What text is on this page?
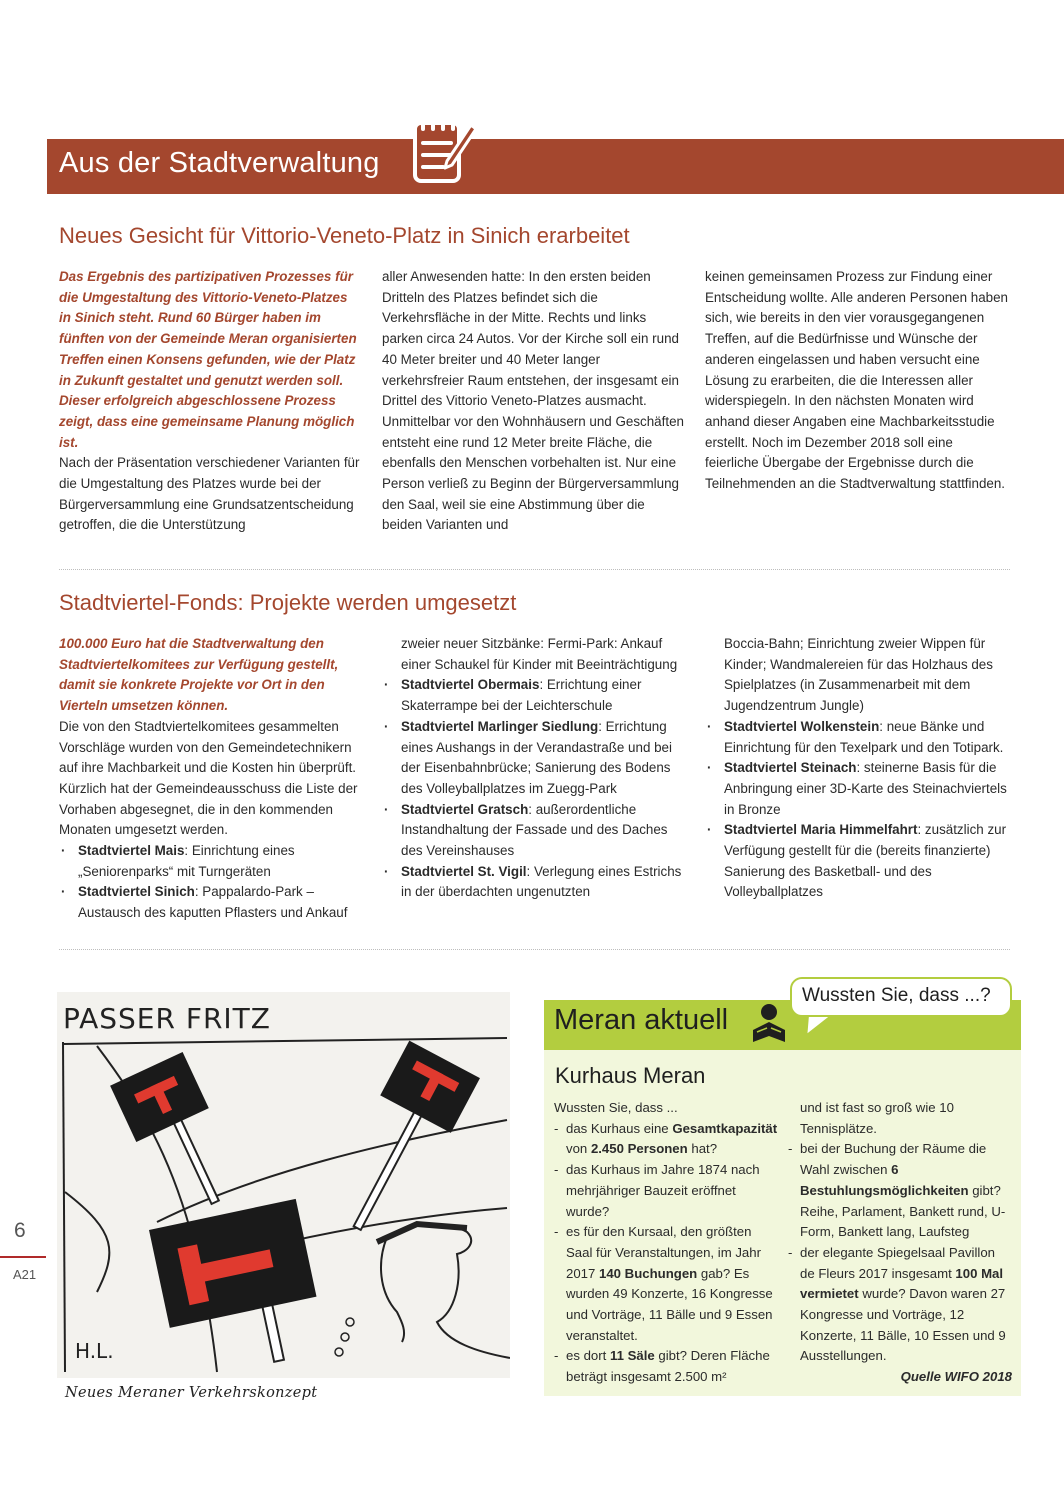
Aus der Stadtverwaltung
Neues Gesicht für Vittorio-Veneto-Platz in Sinich erarbeitet

Das Ergebnis des partizipativen Prozesses für die Umgestaltung des Vittorio-Veneto-Platzes in Sinich steht. Rund 60 Bürger haben im fünften von der Gemeinde Meran organisierten Treffen einen Konsens gefunden, wie der Platz in Zukunft gestaltet und genutzt werden soll. Dieser erfolgreich abgeschlossene Prozess zeigt, dass eine gemeinsame Planung möglich ist.

Nach der Präsentation verschiedener Varianten für die Umgestaltung des Platzes wurde bei der Bürgerversammlung eine Grundsatzentscheidung getroffen, die die Unterstützung

aller Anwesenden hatte: In den ersten beiden Dritteln des Platzes befindet sich die Verkehrsfläche in der Mitte. Rechts und links parken circa 24 Autos. Vor der Kirche soll ein rund 40 Meter breiter und 40 Meter langer verkehrsfreier Raum entstehen, der insgesamt ein Drittel des Vittorio Veneto-Platzes ausmacht. Unmittelbar vor den Wohnhäusern und Geschäften entsteht eine rund 12 Meter breite Fläche, die ebenfalls den Menschen vorbehalten ist. Nur eine Person verließ zu Beginn der Bürgerversammlung den Saal, weil sie eine Abstimmung über die beiden Varianten und

keinen gemeinsamen Prozess zur Findung einer Entscheidung wollte. Alle anderen Personen haben sich, wie bereits in den vier vorausgegangenen Treffen, auf die Bedürfnisse und Wünsche der anderen eingelassen und haben versucht eine Lösung zu erarbeiten, die die Interessen aller widerspiegeln. In den nächsten Monaten wird anhand dieser Angaben eine Machbarkeitsstudie erstellt. Noch im Dezember 2018 soll eine feierliche Übergabe der Ergebnisse durch die Teilnehmenden an die Stadtverwaltung stattfinden.

Stadtviertel-Fonds: Projekte werden umgesetzt

100.000 Euro hat die Stadtverwaltung den Stadtviertelkomitees zur Verfügung gestellt, damit sie konkrete Projekte vor Ort in den Vierteln umsetzen können.

Die von den Stadtviertelkomitees gesammelten Vorschläge wurden von den Gemeindetechnikern auf ihre Machbarkeit und die Kosten hin überprüft. Kürzlich hat der Gemeindeausschuss die Liste der Vorhaben abgesegnet, die in den kommenden Monaten umgesetzt werden.

· Stadtviertel Mais: Einrichtung eines „Seniorenparks“ mit Turngeräten
· Stadtviertel Sinich: Pappalardo-Park – Austausch des kaputten Pflasters und Ankauf

zweier neuer Sitzbänke: Fermi-Park: Ankauf einer Schaukel für Kinder mit Beeinträchtigung

· Stadtviertel Obermais: Errichtung einer Skaterrampe bei der Leichterschule
· Stadtviertel Marlinger Siedlung: Errichtung eines Aushangs in der Verandastraße und bei der Eisenbahnbrücke; Sanierung des Bodens des Volleyballplatzes im Zuegg-Park
· Stadtviertel Gratsch: außerordentliche Instandhaltung der Fassade und des Daches des Vereinshauses
· Stadtviertel St. Vigil: Verlegung eines Estrichs in der überdachten ungenutzten

Boccia-Bahn; Einrichtung zweier Wippen für Kinder; Wandmalereien für das Holzhaus des Spielplatzes (in Zusammenarbeit mit dem Jugendzentrum Jungle)

· Stadtviertel Wolkenstein: neue Bänke und Einrichtung für den Texelpark und den Totipark.
· Stadtviertel Steinach: steinerne Basis für die Anbringung einer 3D-Karte des Steinachviertels in Bronze
· Stadtviertel Maria Himmelfahrt: zusätzlich zur Verfügung gestellt für die (bereits finanzierte) Sanierung des Basketball- und des Volleyballplatzes
PASSER FRITZ
H.L.
Neues Meraner Verkehrskonzept
6
A21
Meran aktuell
Wussten Sie, dass ...?
Kurhaus Meran

Wussten Sie, dass ...

- das Kurhaus eine Gesamtkapazität von 2.450 Personen hat?
- das Kurhaus im Jahre 1874 nach mehrjähriger Bauzeit eröffnet wurde?
- es für den Kursaal, den größten Saal für Veranstaltungen, im Jahr 2017 140 Buchungen gab? Es wurden 49 Konzerte, 16 Kongresse und Vorträge, 11 Bälle und 9 Essen veranstaltet.
- es dort 11 Säle gibt? Deren Fläche beträgt insgesamt 2.500 m²

und ist fast so groß wie 10 Tennisplätze.

- bei der Buchung der Räume die Wahl zwischen 6 Bestuhlungsmöglichkeiten gibt? Reihe, Parlament, Bankett rund, U-Form, Bankett lang, Laufsteg
- der elegante Spiegelsaal Pavillon de Fleurs 2017 insgesamt 100 Mal vermietet wurde? Davon waren 27 Kongresse und Vorträge, 12 Konzerte, 11 Bälle, 10 Essen und 9 Ausstellungen.

Quelle WIFO 2018
